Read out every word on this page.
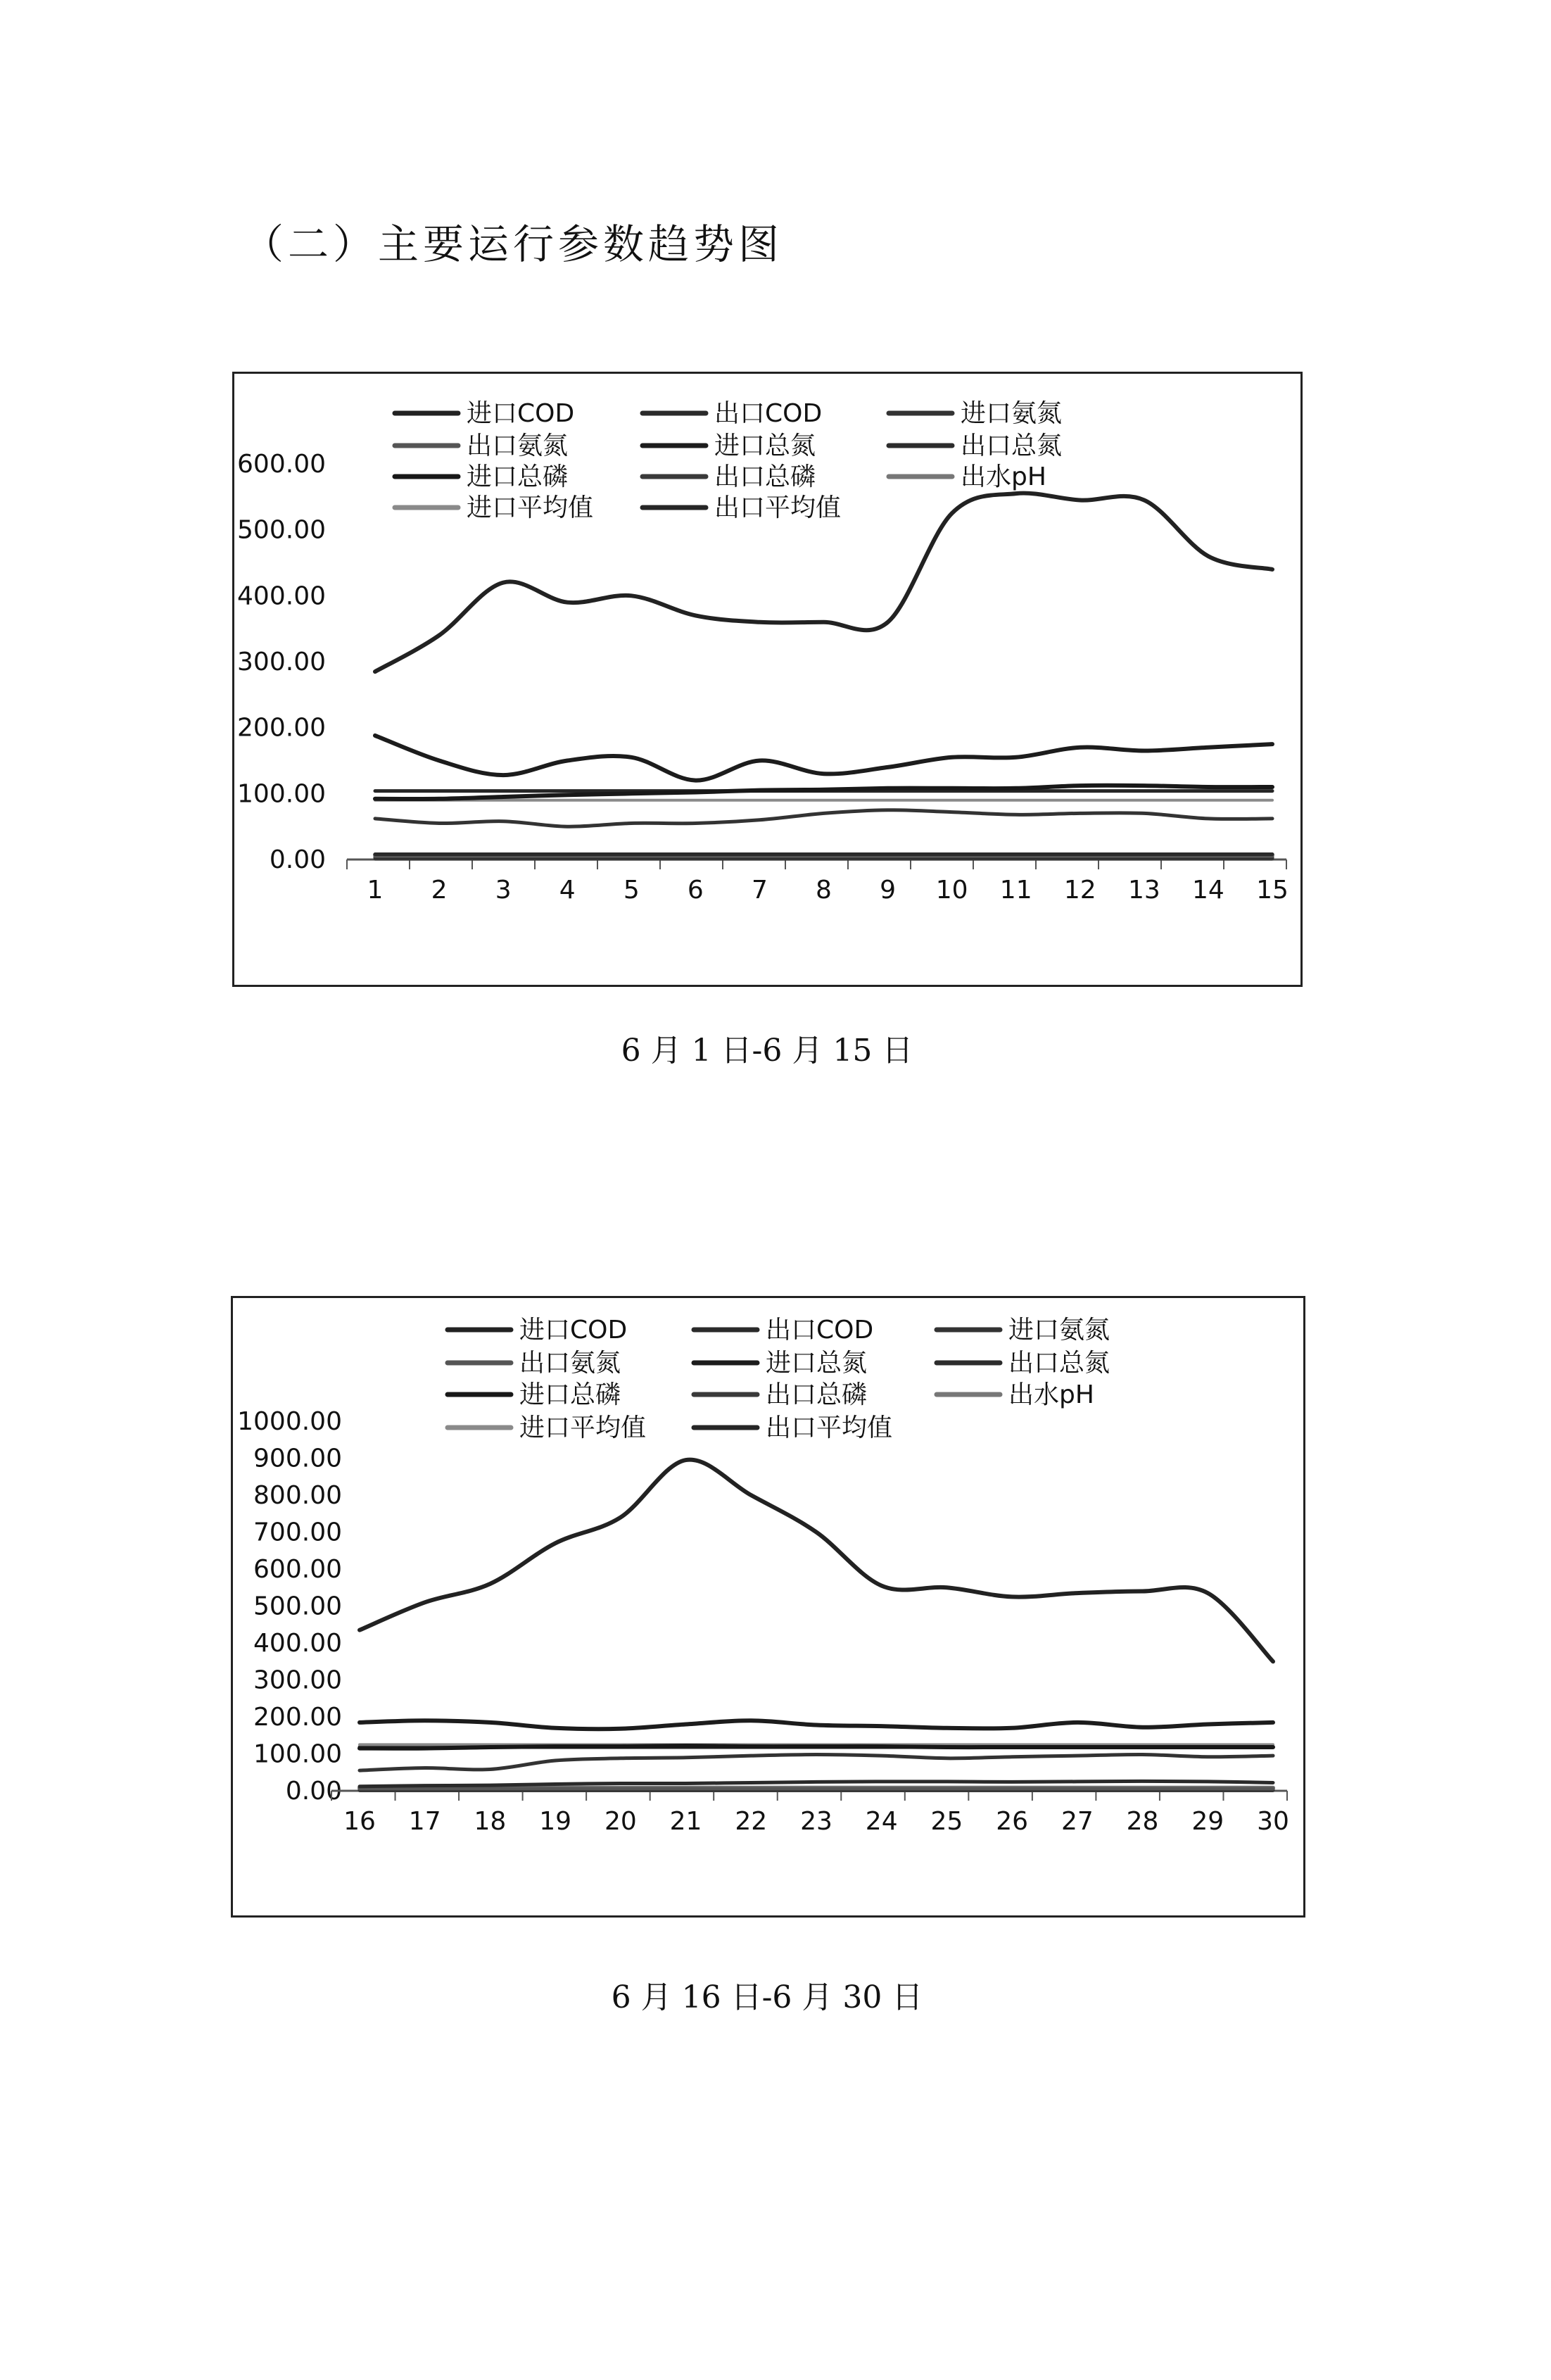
（二）主要运行参数趋势图
进口COD	出口COD	进口氨氮
出口氨氮	进口总氮	出口总氮
进口总磷	出口总磷	出水pH
进口平均值	出口平均值
0.00
100.00
200.00
300.00
400.00
500.00
600.00
1 2 3 4 5 6 7 8 9 10 11 12 13 14 15
6 月 1 日-6 月 15 日
进口COD	出口COD	进口氨氮
出口氨氮	进口总氮	出口总氮
进口总磷	出口总磷	出水pH
进口平均值	出口平均值
0.00
100.00
200.00
300.00
400.00
500.00
600.00
700.00
800.00
900.00
1000.00
16 17 18 19 20 21 22 23 24 25 26 27 28 29 30
6 月 16 日-6 月 30 日
